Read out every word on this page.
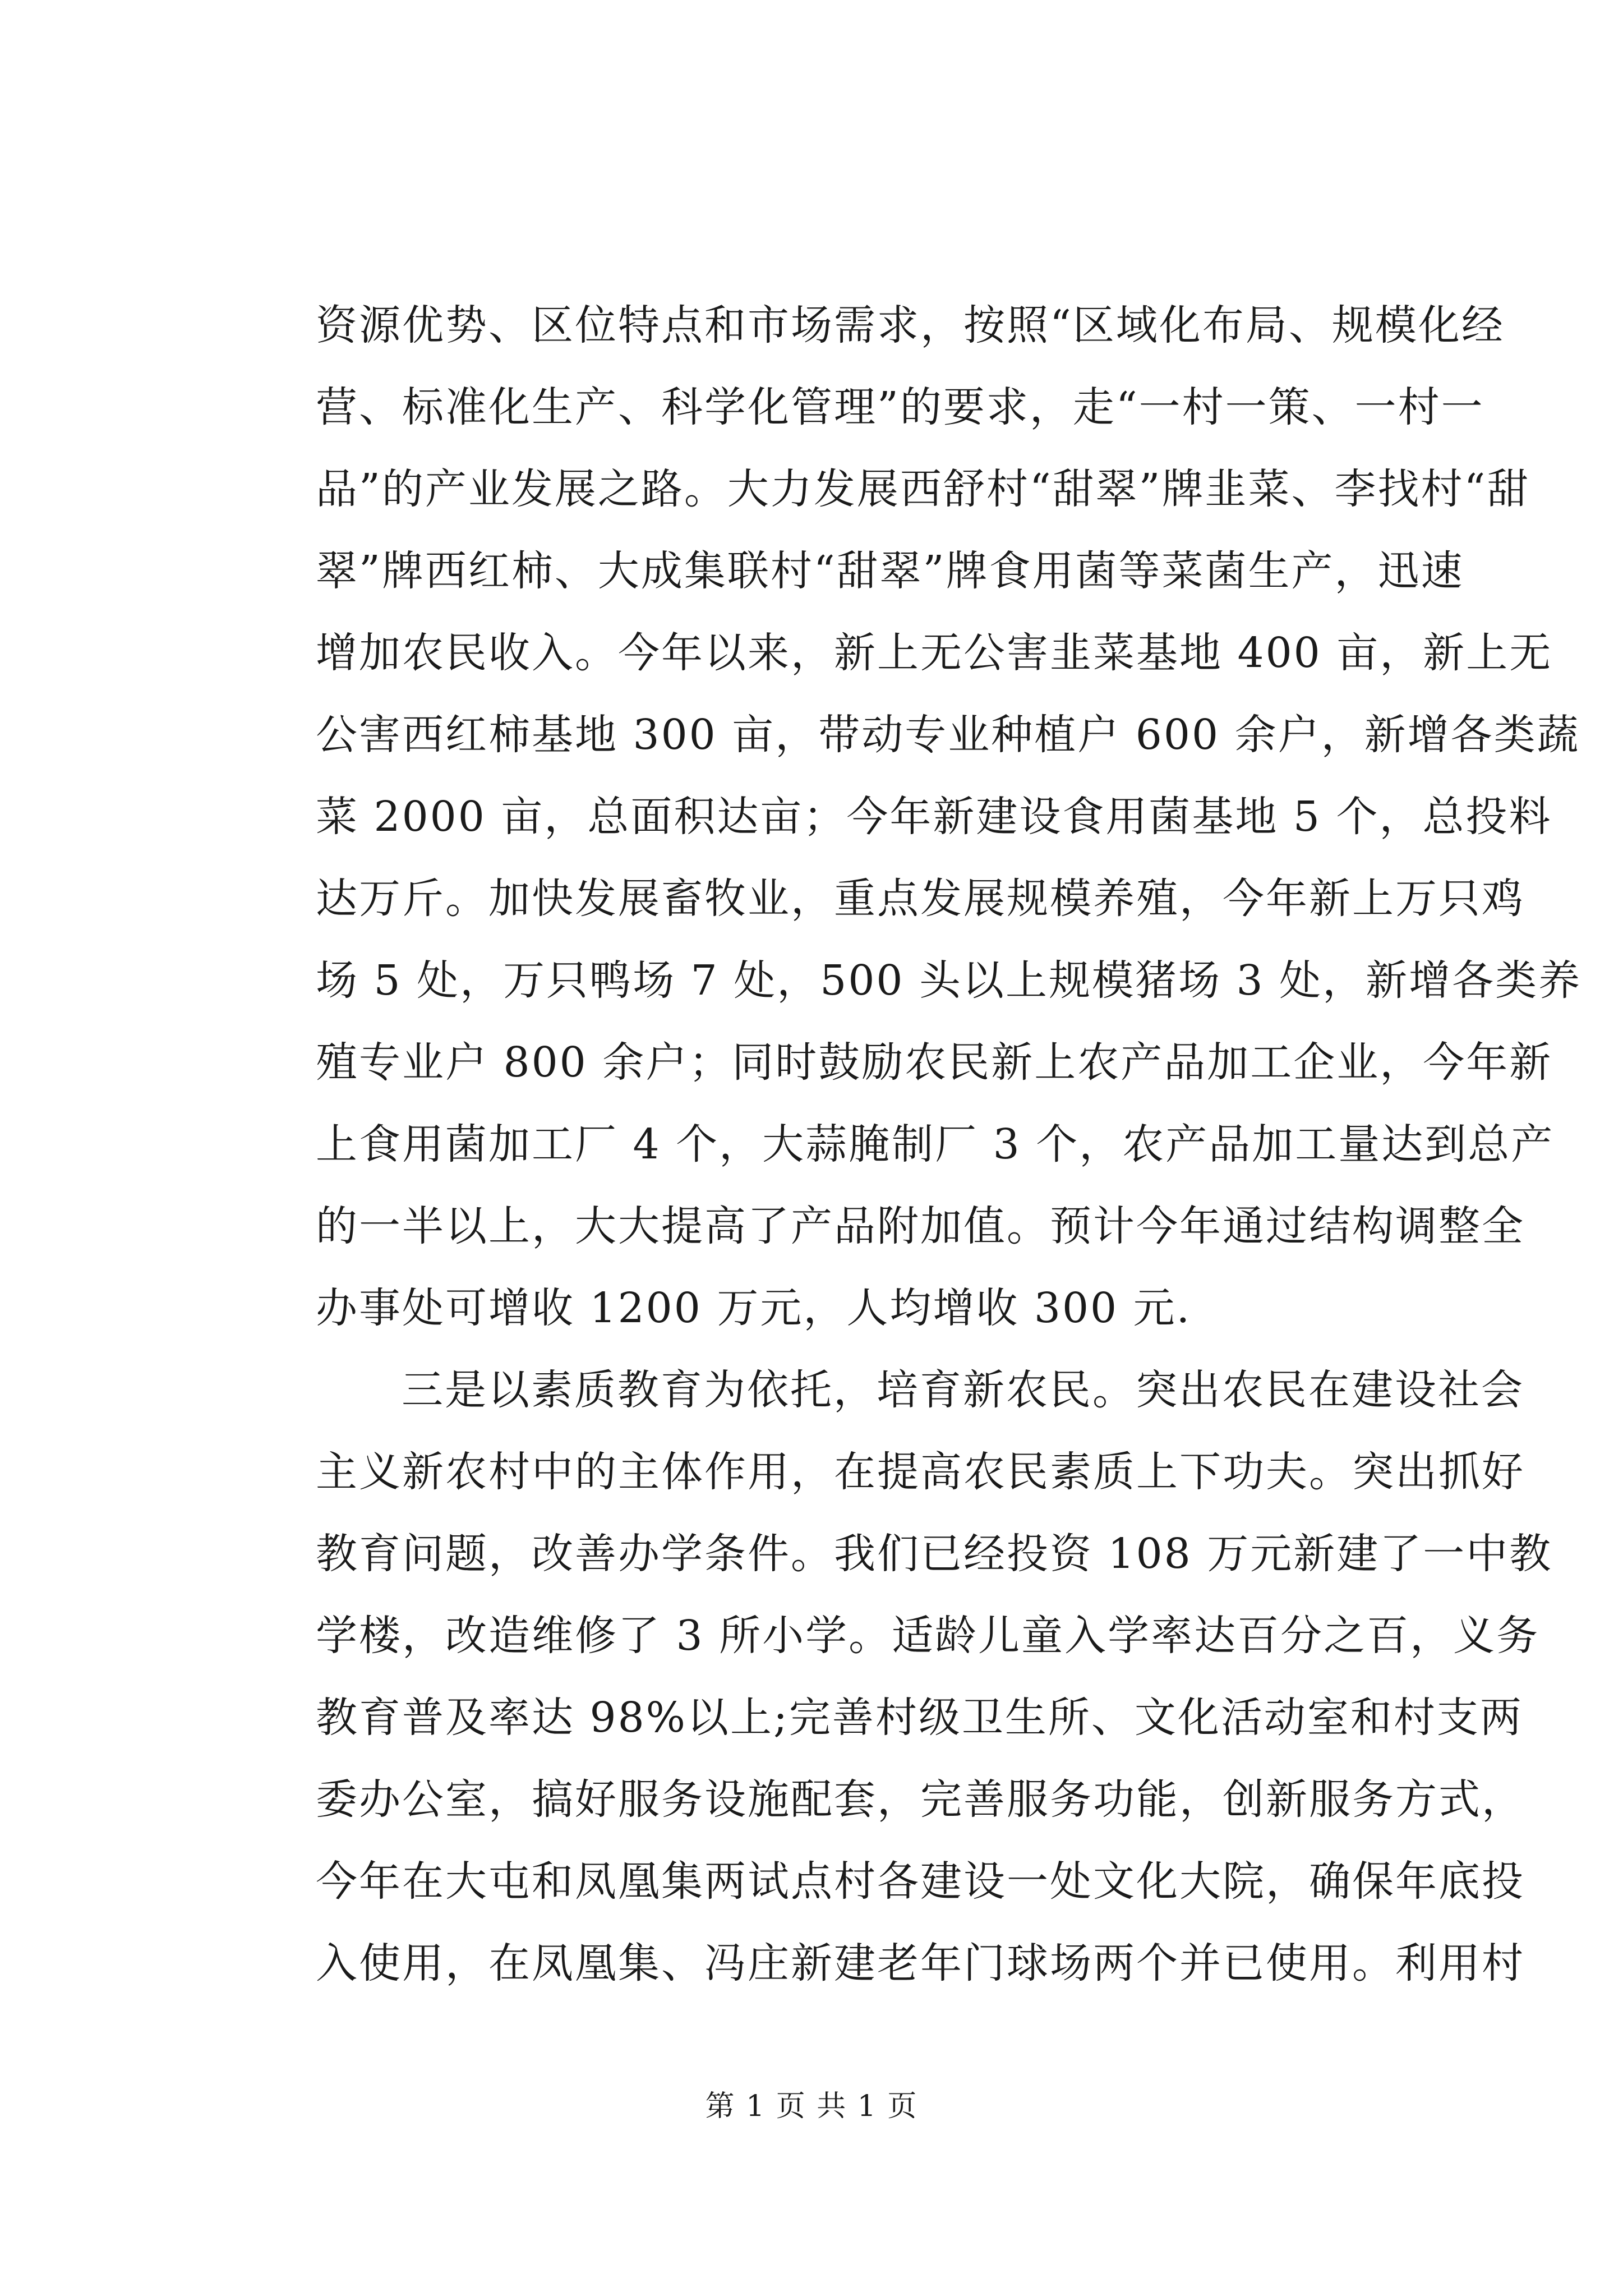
资源优势、区位特点和市场需求，按照“区域化布局、规模化经
营、标准化生产、科学化管理”的要求，走“一村一策、一村一
品”的产业发展之路。大力发展西舒村“甜翠”牌韭菜、李找村“甜
翠”牌西红柿、大成集联村“甜翠”牌食用菌等菜菌生产，迅速
增加农民收入。今年以来，新上无公害韭菜基地 400 亩，新上无
公害西红柿基地 300 亩，带动专业种植户 600 余户，新增各类蔬
菜 2000 亩，总面积达亩；今年新建设食用菌基地 5 个，总投料
达万斤。加快发展畜牧业，重点发展规模养殖，今年新上万只鸡
场 5 处，万只鸭场 7 处，500 头以上规模猪场 3 处，新增各类养
殖专业户 800 余户；同时鼓励农民新上农产品加工企业，今年新
上食用菌加工厂 4 个，大蒜腌制厂 3 个，农产品加工量达到总产
的一半以上，大大提高了产品附加值。预计今年通过结构调整全
办事处可增收 1200 万元，人均增收 300 元.
三是以素质教育为依托，培育新农民。突出农民在建设社会
主义新农村中的主体作用，在提高农民素质上下功夫。突出抓好
教育问题，改善办学条件。我们已经投资 108 万元新建了一中教
学楼，改造维修了 3 所小学。适龄儿童入学率达百分之百，义务
教育普及率达 98%以上;完善村级卫生所、文化活动室和村支两
委办公室，搞好服务设施配套，完善服务功能，创新服务方式，
今年在大屯和凤凰集两试点村各建设一处文化大院，确保年底投
入使用，在凤凰集、冯庄新建老年门球场两个并已使用。利用村
第 1 页 共 1 页
